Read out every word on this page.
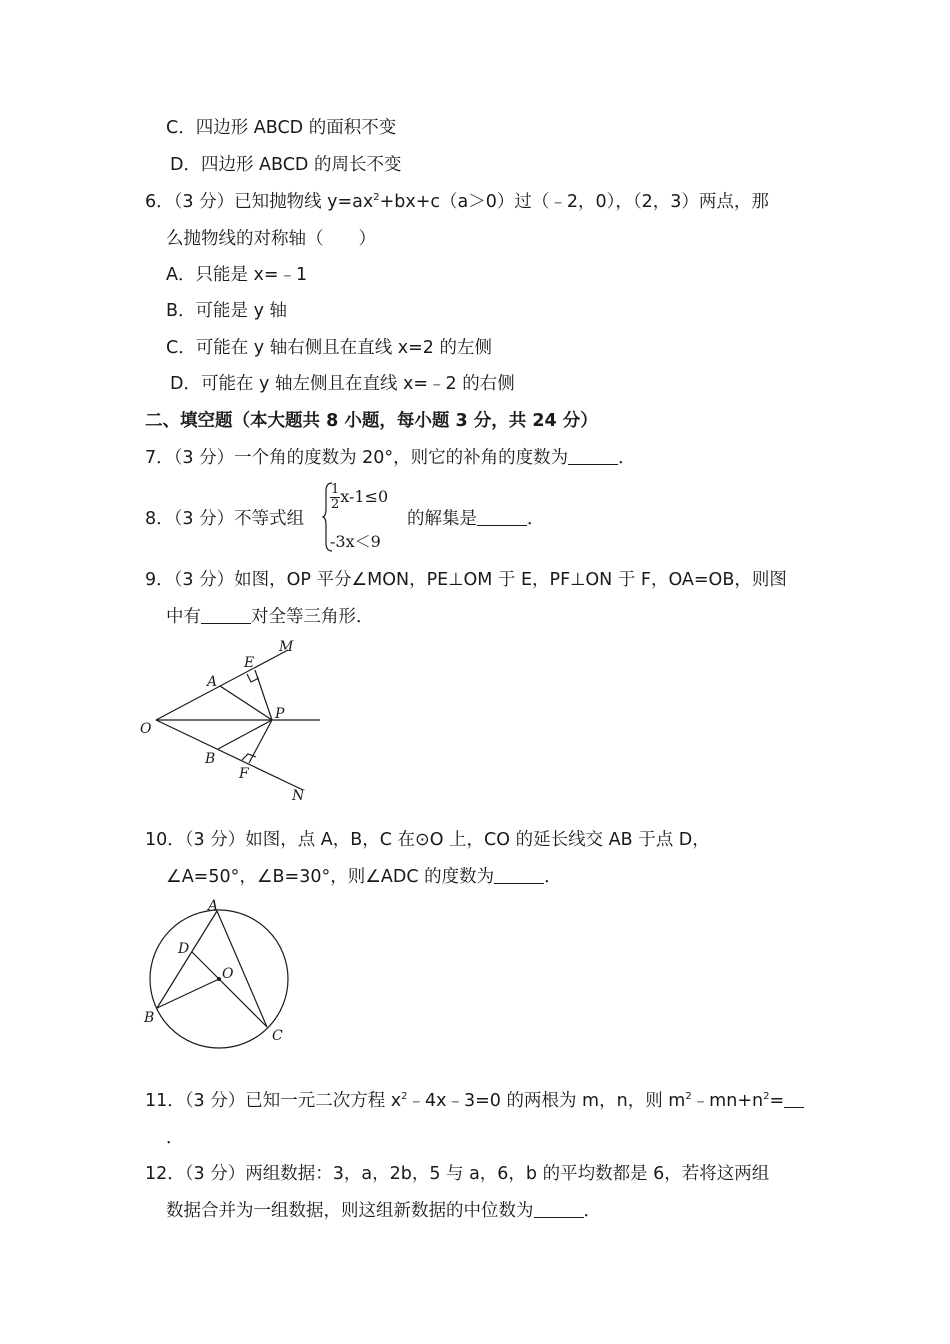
C．四边形 ABCD 的面积不变
D．四边形 ABCD 的周长不变
6．（3 分）已知抛物线 $y=ax^2+bx+c(a>0)$过（﹣2，0），（2，3）两点，那
么抛物线的对称轴（　　）
A．只能是 x=﹣1
B．可能是 y 轴
C．可能在 y 轴右侧且在直线 x=2 的左侧
D．可能在 y 轴左侧且在直线 x=﹣2 的右侧
二、填空题（本大题共 8 小题，每小题 3 分，共 24 分）
7．（3 分）一个角的度数为 20°，则它的补角的度数为	．
8．（3 分）不等式组
$\frac{1}{2} x-1\le 0$
-3x＜9
的解集是	．
9．（3 分）如图，OP 平分∠MON，PE⊥OM 于 E，PF⊥ON 于 F，OA=OB，则图
中有	对全等三角形．
O
A
B
E
F
M
N
P
10．（3 分）如图，点 A，B，C 在⊙O 上，CO 的延长线交 AB 于点 D，
∠A=50°，∠B=30°，则∠ADC 的度数为	．
A
B
C
D
O
11．（3 分）已知一元二次方程 $x^2﹣4x﹣3=0$ 的两根为 m，n，则 $m^2﹣mn+n^2=$
．
12．（3 分）两组数据：3，a，2b，5 与 a，6，b 的平均数都是 6，若将这两组
数据合并为一组数据，则这组新数据的中位数为	．
